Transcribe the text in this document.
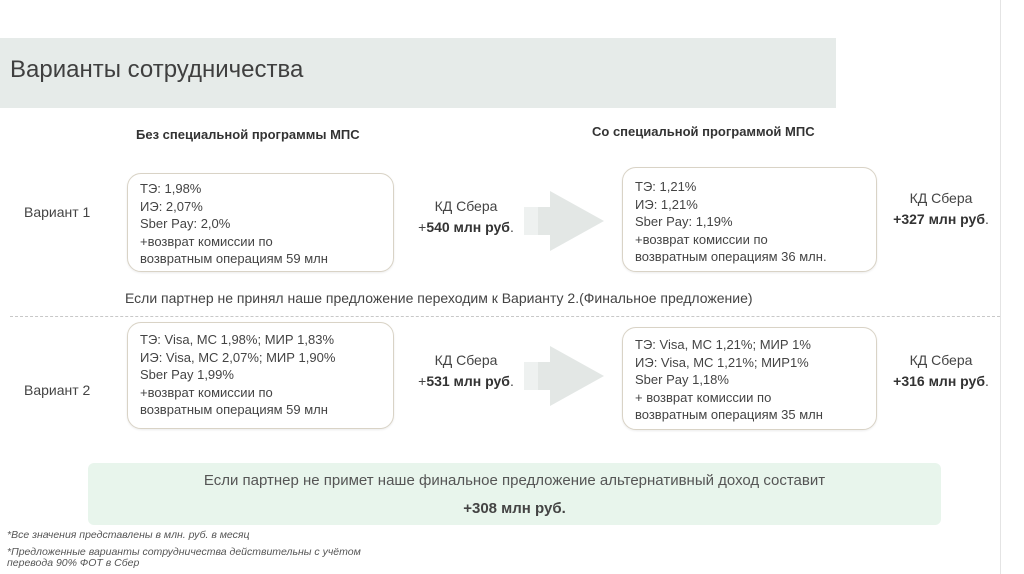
Варианты сотрудничества
Без специальной программы МПС	Со специальной программой МПС
Вариант 1
ТЭ: 1,98%
ИЭ: 2,07%
Sber Pay: 2,0%
+возврат комиссии по
возвратным операциям 59 млн
КД Сбера
+540 млн руб.
ТЭ: 1,21%
ИЭ: 1,21%
Sber Pay: 1,19%
+возврат комиссии по
возвратным операциям 36 млн.
КД Сбера
+327 млн руб.
Если партнер не принял наше предложение переходим к Варианту 2.(Финальное предложение)
Вариант 2
ТЭ: Visa, MC 1,98%; МИР 1,83%
ИЭ: Visa, MC 2,07%; МИР 1,90%
Sber Pay 1,99%
+возврат комиссии по
возвратным операциям 59 млн
КД Сбера
+531 млн руб.
ТЭ: Visa, MC 1,21%; МИР 1%
ИЭ: Visa, MC 1,21%; МИР1%
Sber Pay 1,18%
+ возврат комиссии по
возвратным операциям 35 млн
КД Сбера
+316 млн руб.
Если партнер не примет наше финальное предложение альтернативный доход составит
+308 млн руб.
*Все значения представлены в млн. руб. в месяц
*Предложенные варианты сотрудничества действительны с учётом
перевода 90% ФОТ в Сбер
